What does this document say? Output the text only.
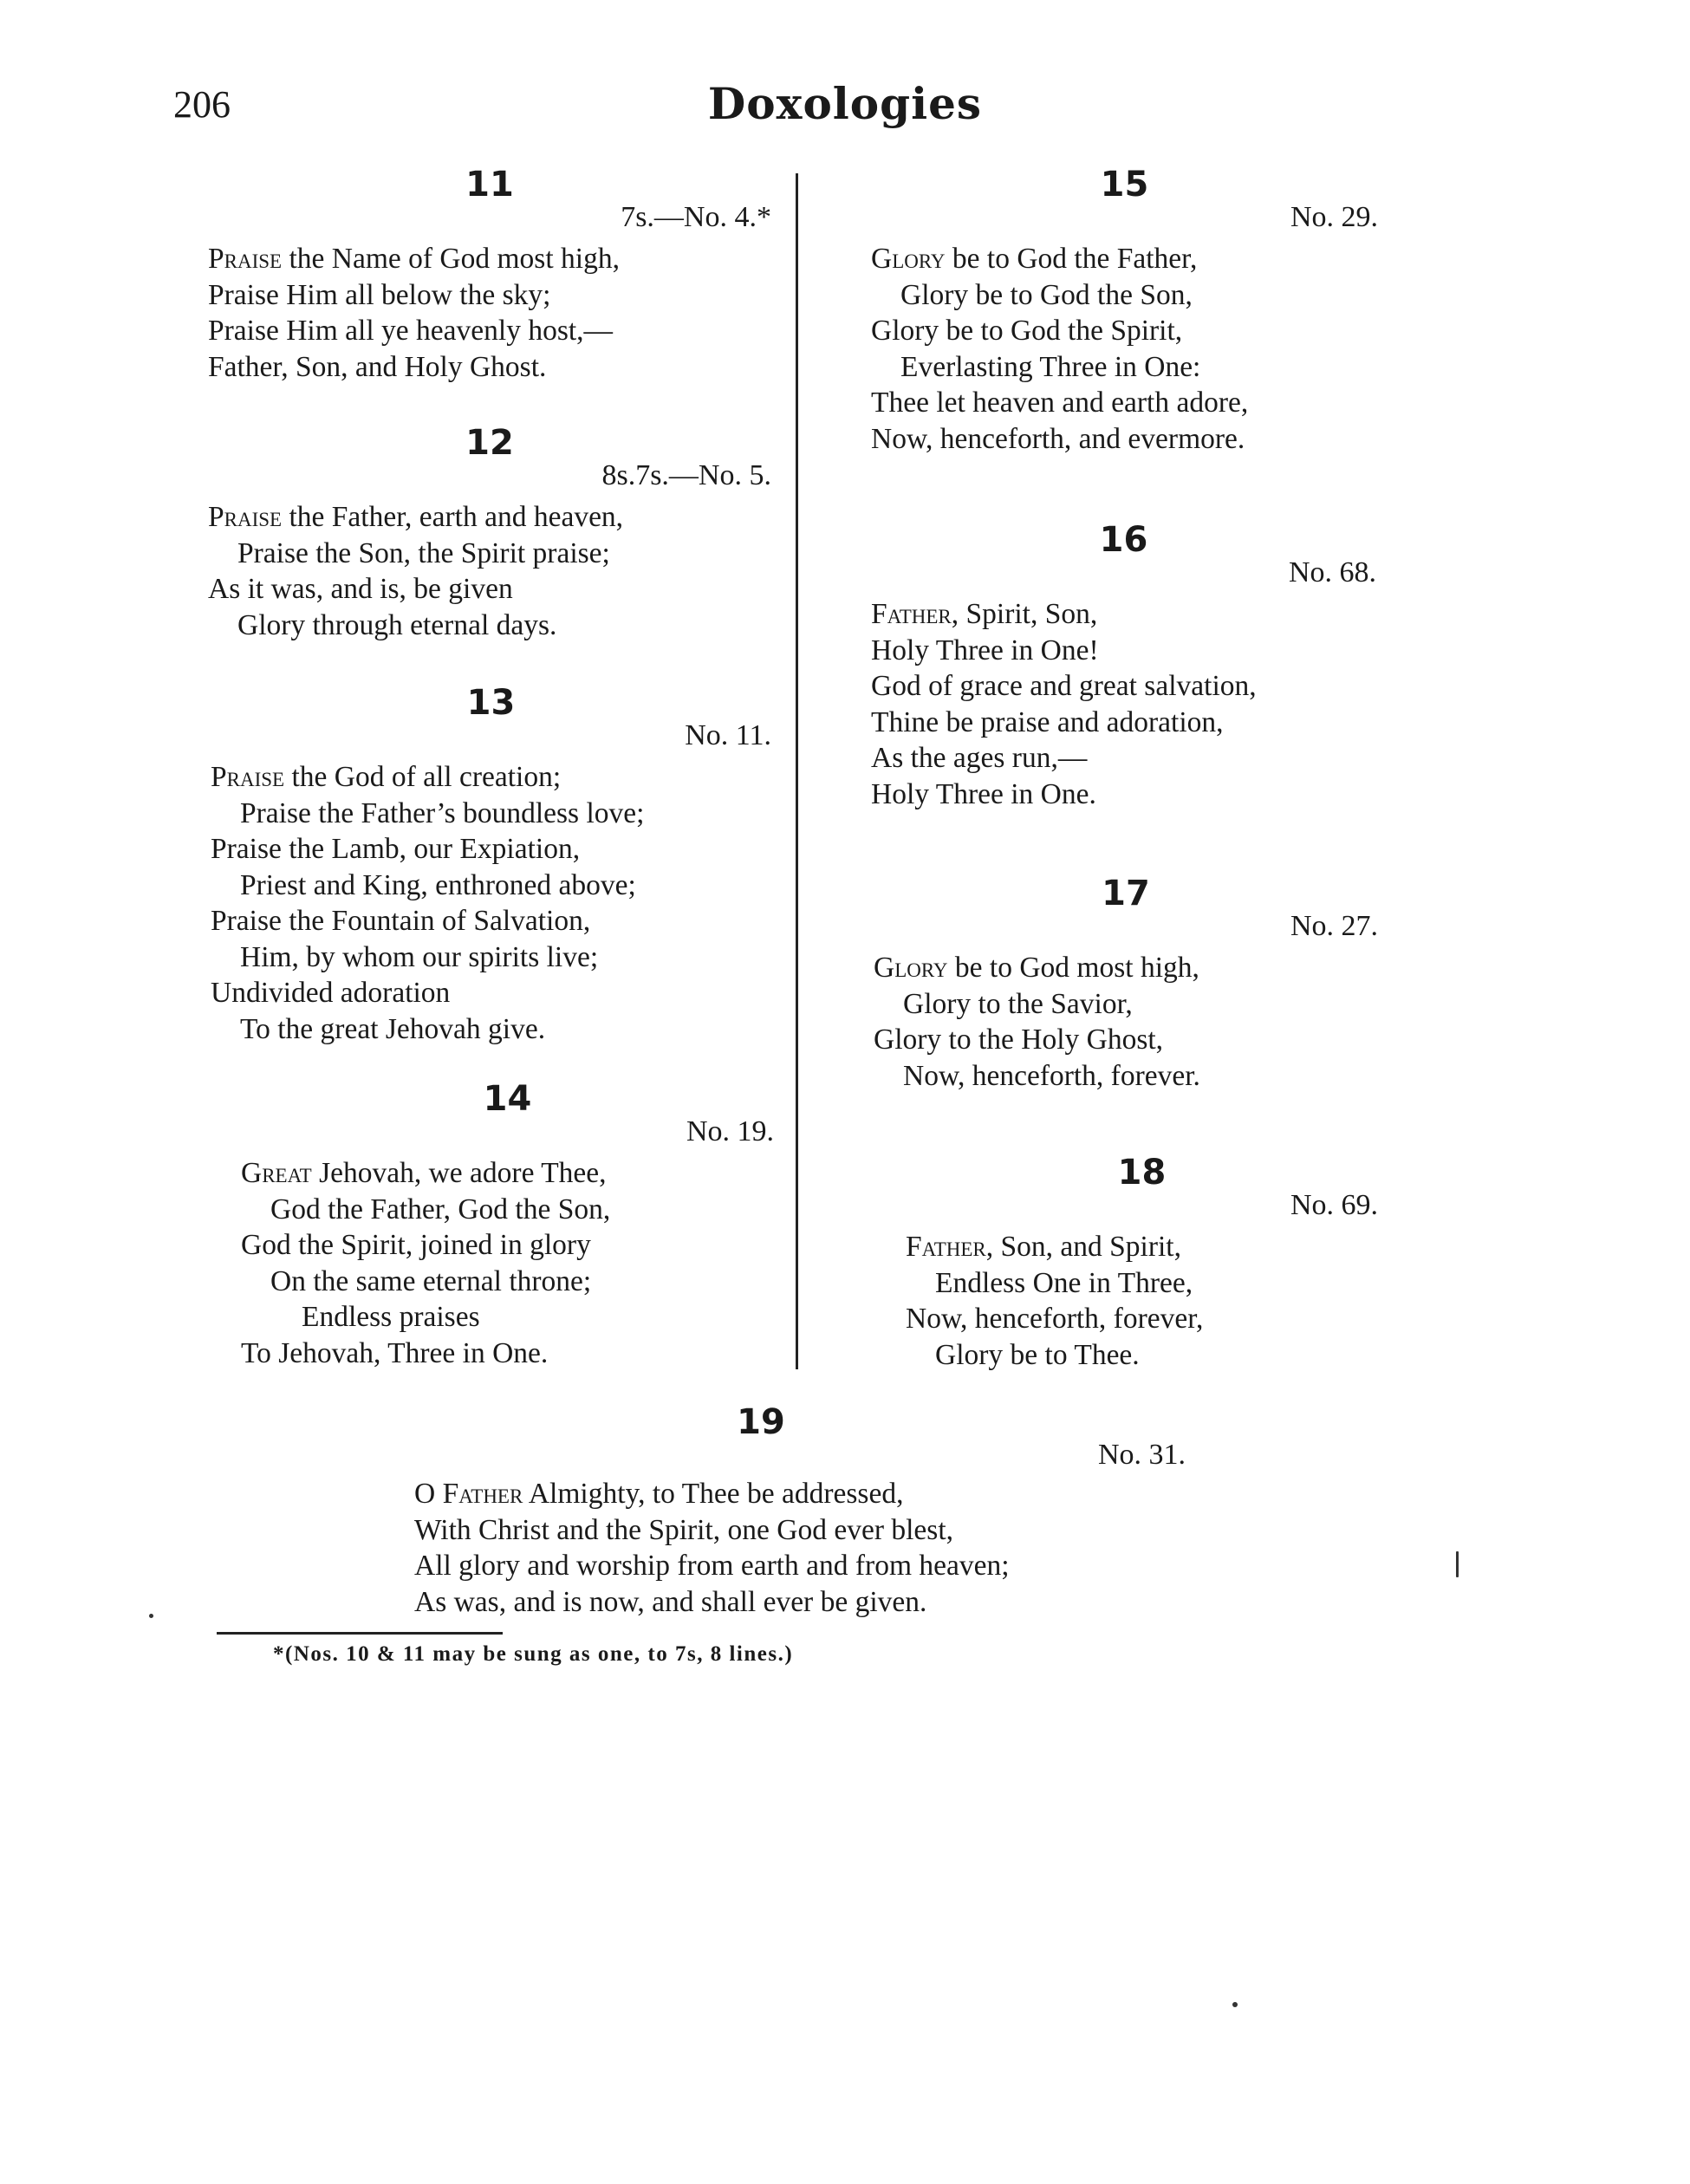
206	Doxologies
11
7s.—No. 4.*
Praise the Name of God most high,
Praise Him all below the sky;
Praise Him all ye heavenly host,—
Father, Son, and Holy Ghost.
12
8s.7s.—No. 5.
Praise the Father, earth and heaven,
Praise the Son, the Spirit praise;
As it was, and is, be given
Glory through eternal days.
13
No. 11.
Praise the God of all creation;
Praise the Father’s boundless love;
Praise the Lamb, our Expiation,
Priest and King, enthroned above;
Praise the Fountain of Salvation,
Him, by whom our spirits live;
Undivided adoration
To the great Jehovah give.
14
No. 19.
Great Jehovah, we adore Thee,
God the Father, God the Son,
God the Spirit, joined in glory
On the same eternal throne;
Endless praises
To Jehovah, Three in One.
15
No. 29.
Glory be to God the Father,
Glory be to God the Son,
Glory be to God the Spirit,
Everlasting Three in One:
Thee let heaven and earth adore,
Now, henceforth, and evermore.
16
No. 68.
Father, Spirit, Son,
Holy Three in One!
God of grace and great salvation,
Thine be praise and adoration,
As the ages run,—
Holy Three in One.
17
No. 27.
Glory be to God most high,
Glory to the Savior,
Glory to the Holy Ghost,
Now, henceforth, forever.
18
No. 69.
Father, Son, and Spirit,
Endless One in Three,
Now, henceforth, forever,
Glory be to Thee.
19
No. 31.
O Father Almighty, to Thee be addressed,
With Christ and the Spirit, one God ever blest,
All glory and worship from earth and from heaven;
As was, and is now, and shall ever be given.
*(Nos. 10 & 11 may be sung as one, to 7s, 8 lines.)
